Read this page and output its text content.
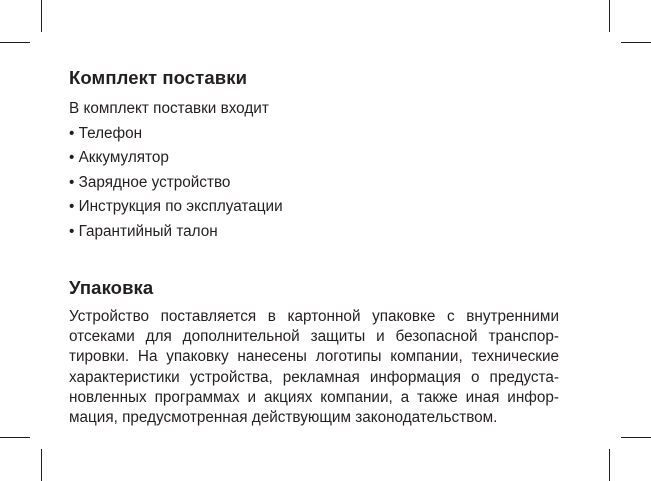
Комплект поставки

В комплект поставки входит

• Телефон
• Аккумулятор
• Зарядное устройство
• Инструкция по эксплуатации
• Гарантийный талон
Упаковка

Устройство поставляется в картонной упаковке с внутренними
отсеками для дополнительной защиты и безопасной транспор-
тировки. На упаковку нанесены логотипы компании, технические
характеристики устройства, рекламная информация о предуста-
новленных программах и акциях компании, а также иная инфор-
мация, предусмотренная действующим законодательством.
